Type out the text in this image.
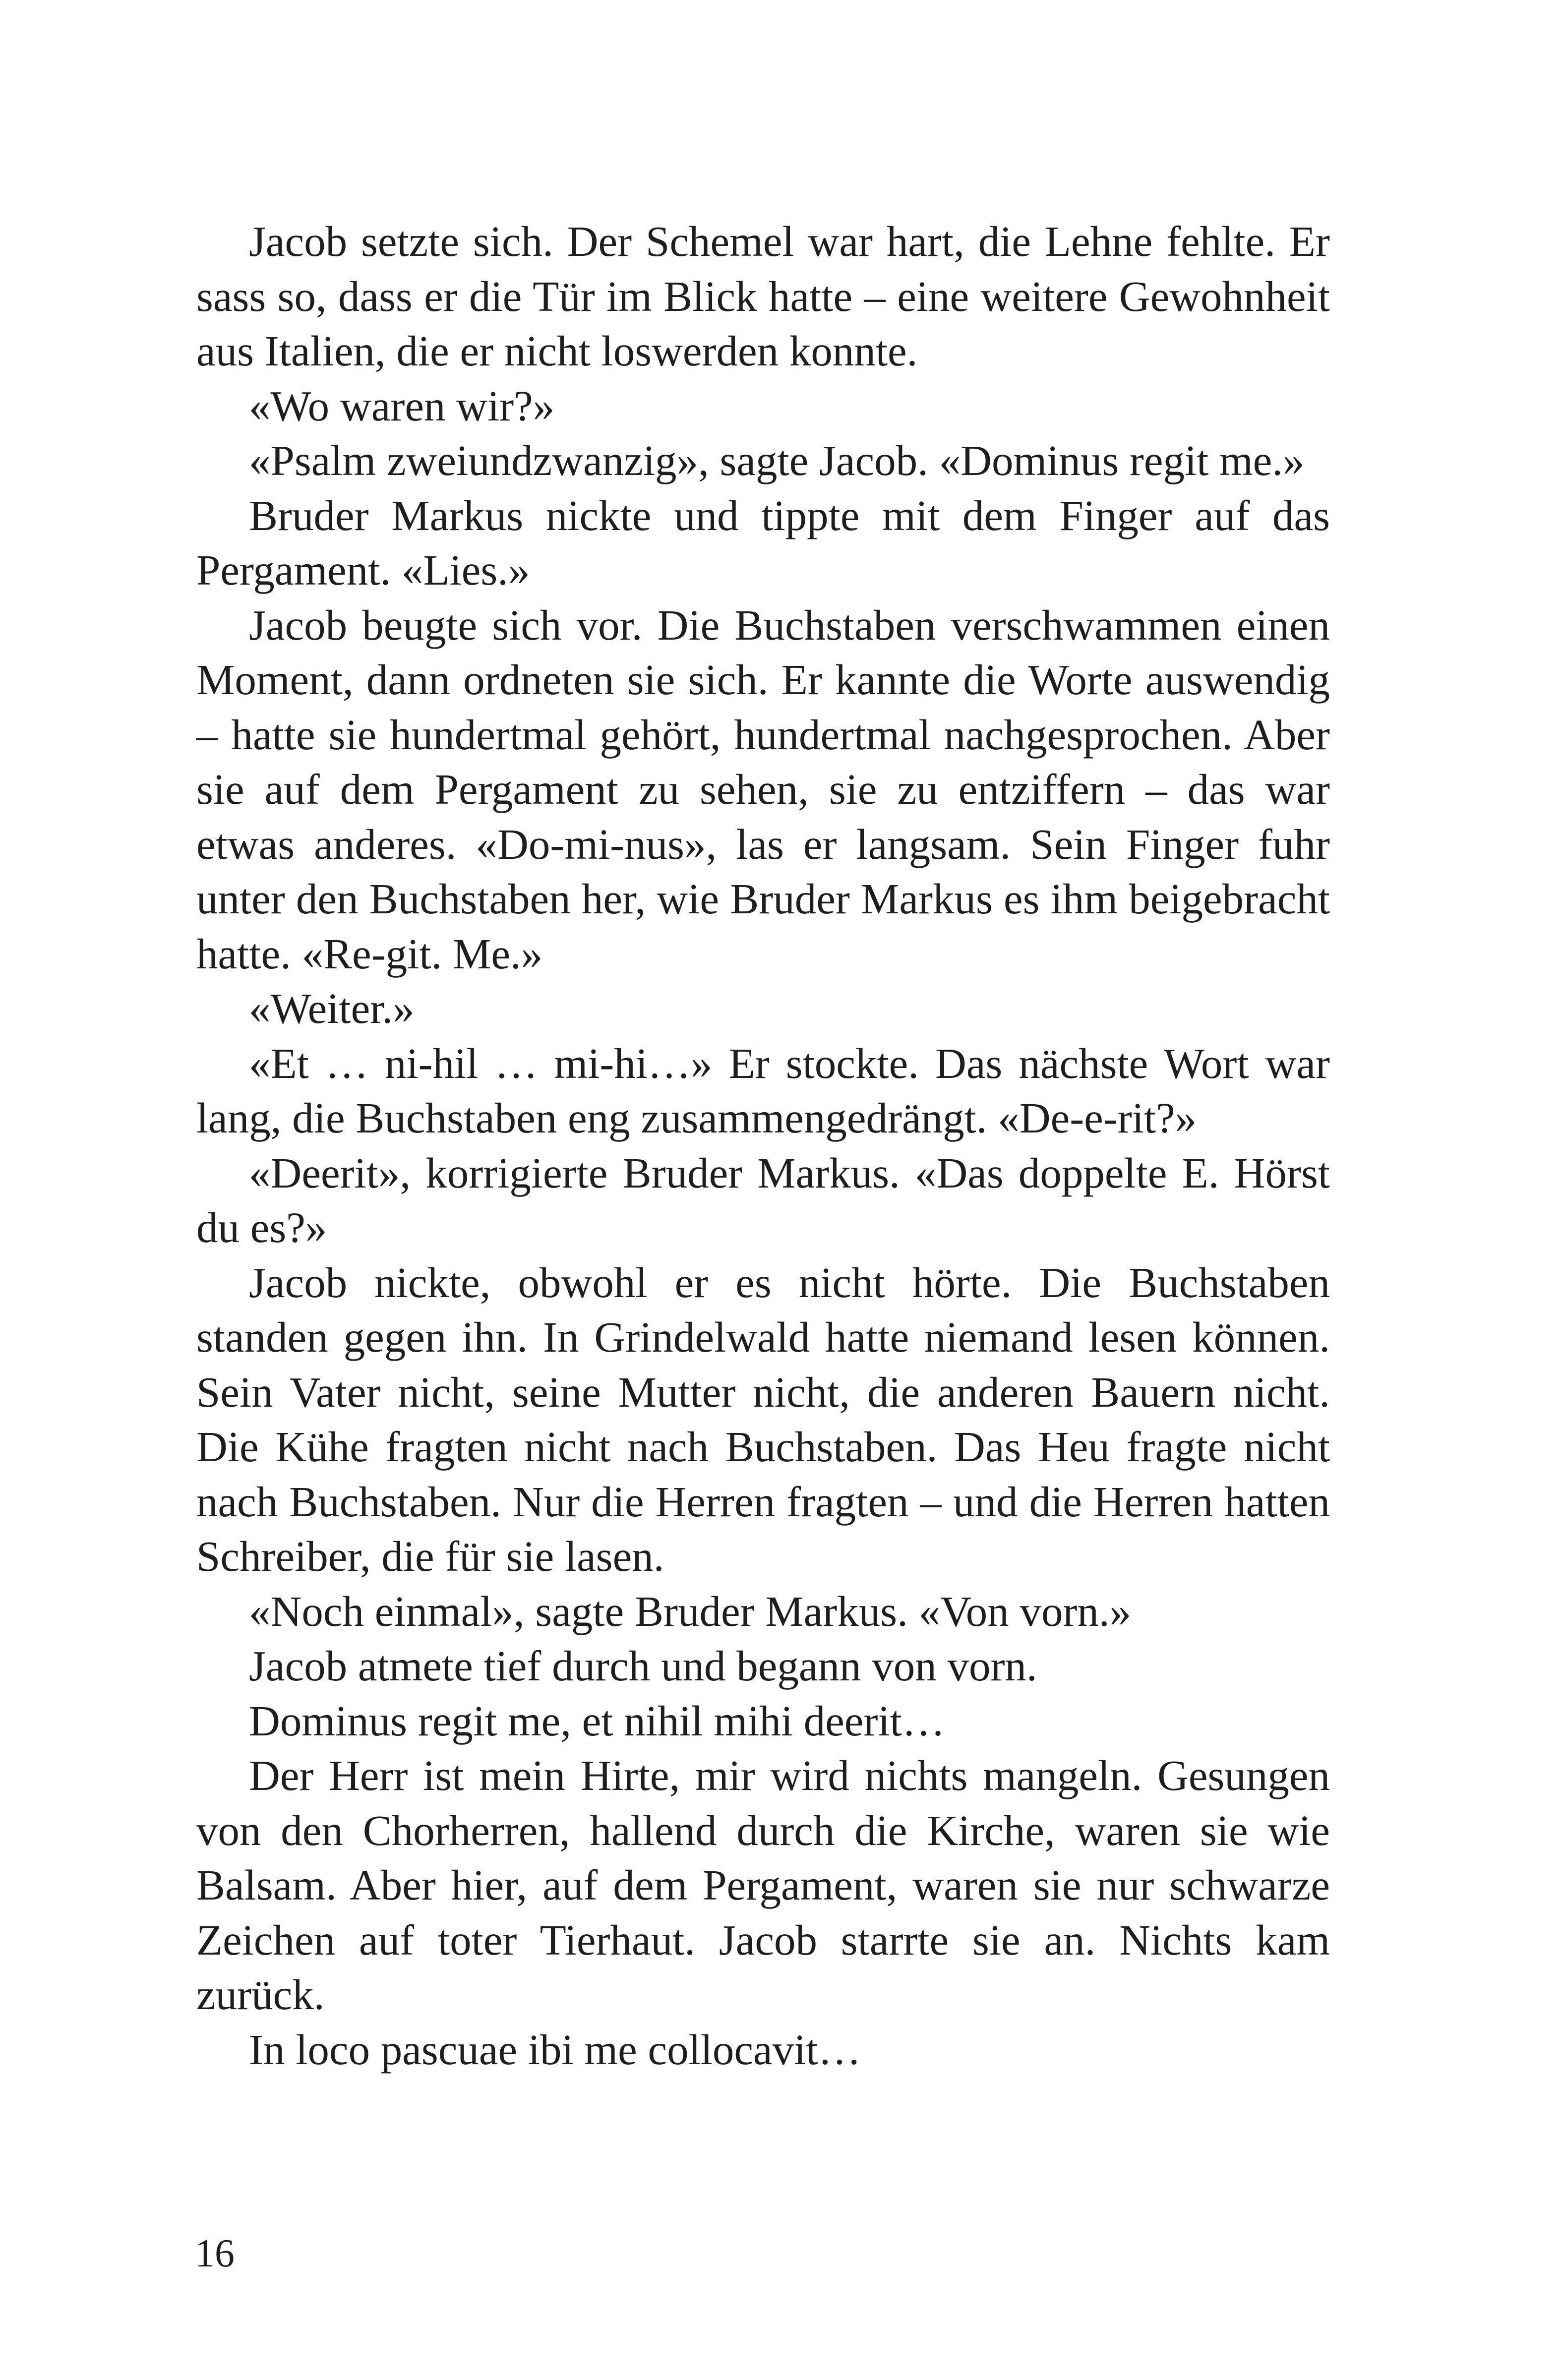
Jacob setzte sich. Der Schemel war hart, die Lehne fehlte. Er sass so, dass er die Tür im Blick hatte – eine weitere Gewohnheit aus Italien, die er nicht loswerden konnte.

«Wo waren wir?»

«Psalm zweiundzwanzig», sagte Jacob. «Dominus regit me.»

Bruder Markus nickte und tippte mit dem Finger auf das Pergament. «Lies.»

Jacob beugte sich vor. Die Buchstaben verschwammen einen Moment, dann ordneten sie sich. Er kannte die Worte auswendig – hatte sie hundertmal gehört, hundertmal nachgesprochen. Aber sie auf dem Pergament zu sehen, sie zu entziffern – das war etwas anderes. «Do-mi-nus», las er langsam. Sein Finger fuhr unter den Buchstaben her, wie Bruder Markus es ihm beigebracht hatte. «Re-git. Me.»

«Weiter.»

«Et … ni-hil … mi-hi…» Er stockte. Das nächste Wort war lang, die Buchstaben eng zusammengedrängt. «De-e-rit?»

«Deerit», korrigierte Bruder Markus. «Das doppelte E. Hörst du es?»

Jacob nickte, obwohl er es nicht hörte. Die Buchstaben standen gegen ihn. In Grindelwald hatte niemand lesen können. Sein Vater nicht, seine Mutter nicht, die anderen Bauern nicht. Die Kühe fragten nicht nach Buchstaben. Das Heu fragte nicht nach Buchstaben. Nur die Herren fragten – und die Herren hatten Schreiber, die für sie lasen.

«Noch einmal», sagte Bruder Markus. «Von vorn.»

Jacob atmete tief durch und begann von vorn.

Dominus regit me, et nihil mihi deerit…

Der Herr ist mein Hirte, mir wird nichts mangeln. Gesungen von den Chorherren, hallend durch die Kirche, waren sie wie Balsam. Aber hier, auf dem Pergament, waren sie nur schwarze Zeichen auf toter Tierhaut. Jacob starrte sie an. Nichts kam zurück.

In loco pascuae ibi me collocavit…

16
